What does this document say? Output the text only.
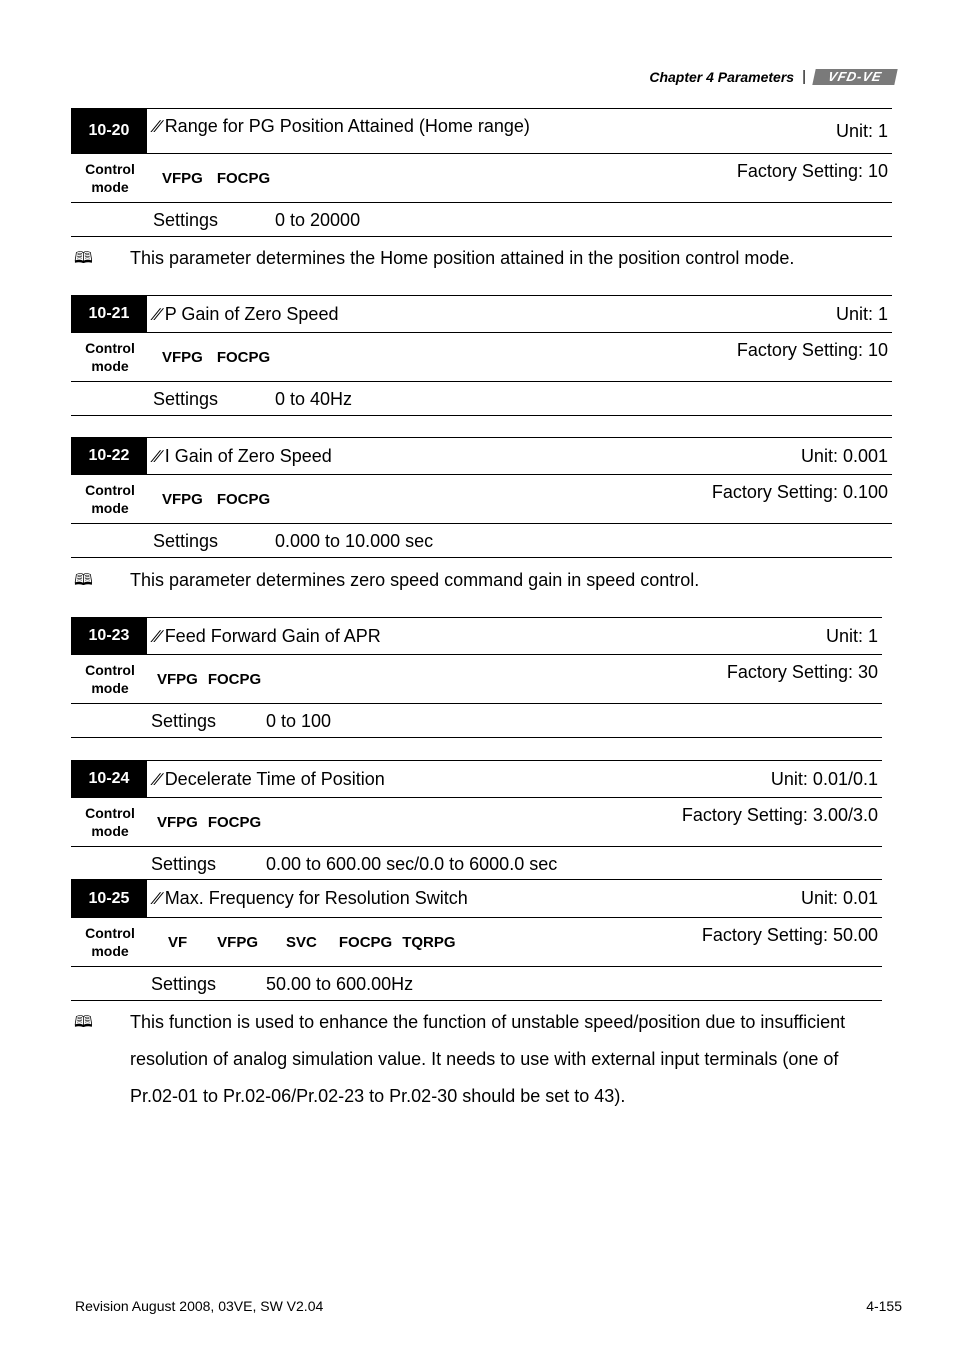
Chapter 4 Parameters |	VFD-VE
10-20	∕∕ Range for PG Position Attained (Home range)	Unit: 1
Control mode	VFPG FOCPG	Factory Setting: 10
Settings	0 to 20000
🕮 This parameter determines the Home position attained in the position control mode.
10-21	∕∕ P Gain of Zero Speed	Unit: 1
Control mode	VFPG FOCPG	Factory Setting: 10
Settings	0 to 40Hz
10-22	∕∕ I Gain of Zero Speed	Unit: 0.001
Control mode	VFPG FOCPG	Factory Setting: 0.100
Settings	0.000 to 10.000 sec
🕮 This parameter determines zero speed command gain in speed control.
10-23	∕∕ Feed Forward Gain of APR	Unit: 1
Control mode	VFPG FOCPG	Factory Setting: 30
Settings	0 to 100
10-24	∕∕ Decelerate Time of Position	Unit: 0.01/0.1
Control mode	VFPG FOCPG	Factory Setting: 3.00/3.0
Settings	0.00 to 600.00 sec/0.0 to 6000.0 sec
10-25	∕∕ Max. Frequency for Resolution Switch	Unit: 0.01
Control mode	VF VFPG SVC FOCPG TQRPG	Factory Setting: 50.00
Settings	50.00 to 600.00Hz
🕮 This function is used to enhance the function of unstable speed/position due to insufficient resolution of analog simulation value. It needs to use with external input terminals (one of Pr.02-01 to Pr.02-06/Pr.02-23 to Pr.02-30 should be set to 43).
Revision August 2008, 03VE, SW V2.04	4-155
